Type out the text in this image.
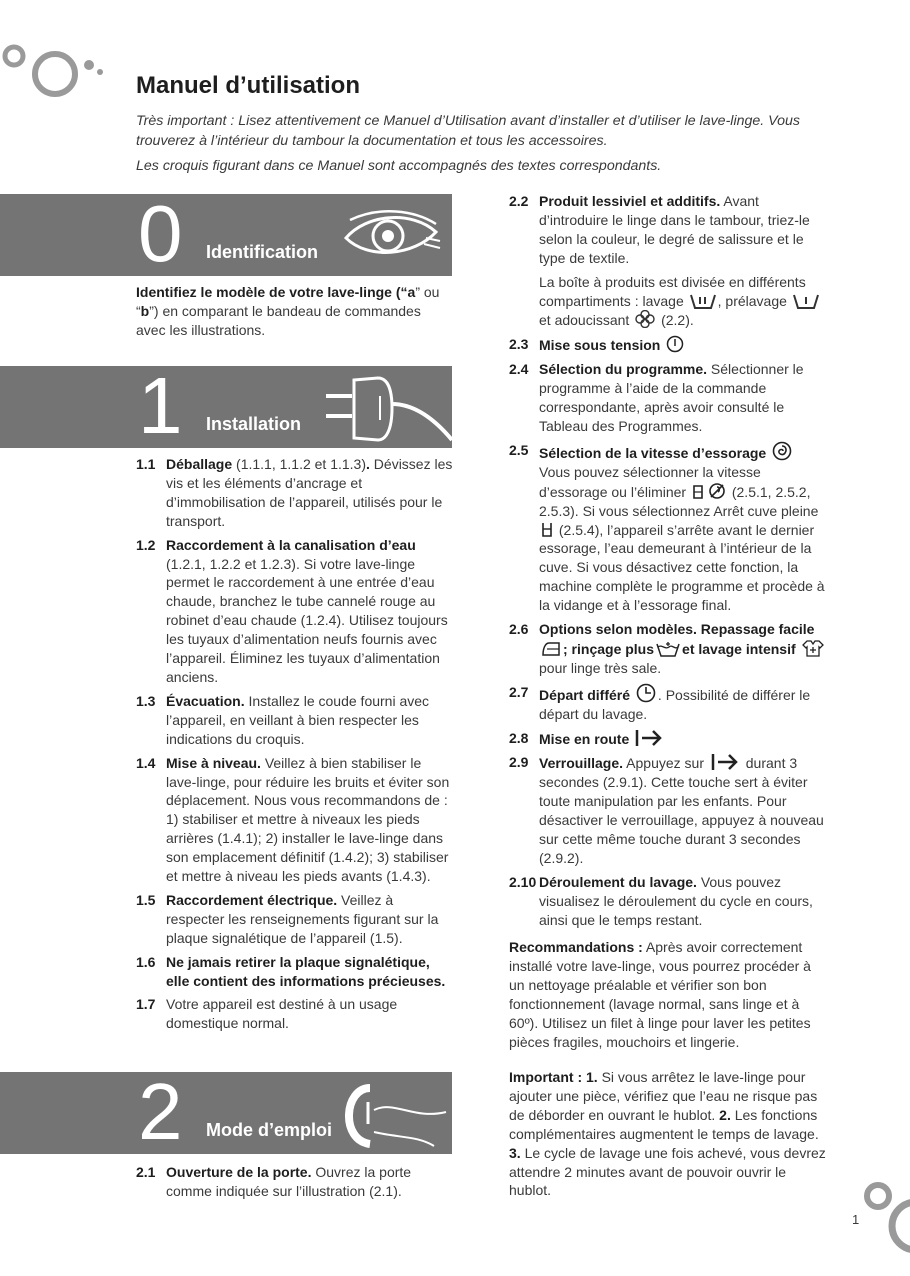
Manuel d’utilisation

Très important : Lisez attentivement ce Manuel d’Utilisation avant d’installer et d’utiliser le lave-linge. Vous trouverez à l’intérieur du tambour la documentation et tous les accessoires.

Les croquis figurant dans ce Manuel sont accompagnés des textes correspondants.

0 Identification
Identifiez le modèle de votre lave-linge (“a” ou “b”) en comparant le bandeau de commandes avec les illustrations.
1 Installation
1.1 Déballage (1.1.1, 1.1.2 et 1.1.3). Dévissez les vis et les éléments d’ancrage et d’immobilisation de l’appareil, utilisés pour le transport.
1.2 Raccordement à la canalisation d’eau (1.2.1, 1.2.2 et 1.2.3). Si votre lave-linge permet le raccordement à une entrée d’eau chaude, branchez le tube cannelé rouge au robinet d’eau chaude (1.2.4). Utilisez toujours les tuyaux d’alimentation neufs fournis avec l’appareil. Éliminez les tuyaux d’alimentation anciens.
1.3 Évacuation. Installez le coude fourni avec l’appareil, en veillant à bien respecter les indications du croquis.
1.4 Mise à niveau. Veillez à bien stabiliser le lave-linge, pour réduire les bruits et éviter son déplacement. Nous vous recommandons de : 1) stabiliser et mettre à niveaux les pieds arrières (1.4.1); 2) installer le lave-linge dans son emplacement définitif (1.4.2); 3) stabiliser et mettre à niveau les pieds avants (1.4.3).
1.5 Raccordement électrique. Veillez à respecter les renseignements figurant sur la plaque signalétique de l’appareil (1.5).
1.6 Ne jamais retirer la plaque signalétique, elle contient des informations précieuses.
1.7 Votre appareil est destiné à un usage domestique normal.
2 Mode d’emploi
2.1 Ouverture de la porte. Ouvrez la porte comme indiquée sur l’illustration (2.1).
2.2 Produit lessiviel et additifs. Avant d’introduire le linge dans le tambour, triez-le selon la couleur, le degré de salissure et le type de textile.
La boîte à produits est divisée en différents compartiments : lavage , prélavage  et adoucissant (2.2).
2.3 Mise sous tension
2.4 Sélection du programme. Sélectionner le programme à l’aide de la commande correspondante, après avoir consulté le Tableau des Programmes.
2.5 Sélection de la vitesse d’essorage
Vous pouvez sélectionner la vitesse d’essorage ou l’éliminer	(2.5.1, 2.5.2, 2.5.3). Si vous sélectionnez Arrêt cuve pleine  (2.5.4), l’appareil s’arrête avant le dernier essorage, l’eau demeurant à l’intérieur de la cuve. Si vous désactivez cette fonction, la machine complète le programme et procède à la vidange et à l’essorage final.
2.6 Options selon modèles. Repassage facile; rinçage plus et lavage intensif  pour linge très sale.
2.7 Départ différé . Possibilité de différer le départ du lavage.
2.8 Mise en route
2.9 Verrouillage. Appuyez sur	durant 3 secondes (2.9.1). Cette touche sert à éviter toute manipulation par les enfants. Pour désactiver le verrouillage, appuyez à nouveau sur cette même touche durant 3 secondes (2.9.2).
2.10 Déroulement du lavage. Vous pouvez visualisez le déroulement du cycle en cours, ainsi que le temps restant.

Recommandations : Après avoir correctement installé votre lave-linge, vous pourrez procéder à un nettoyage préalable et vérifier son bon fonctionnement (lavage normal, sans linge et à 60º). Utilisez un filet à linge pour laver les petites pièces fragiles, mouchoirs et lingerie.

Important : 1. Si vous arrêtez le lave-linge pour ajouter une pièce, vérifiez que l’eau ne risque pas de déborder en ouvrant le hublot. 2. Les fonctions complémentaires augmentent le temps de lavage. 3. Le cycle de lavage une fois achevé, vous devrez attendre 2 minutes avant de pouvoir ouvrir le hublot.

1
